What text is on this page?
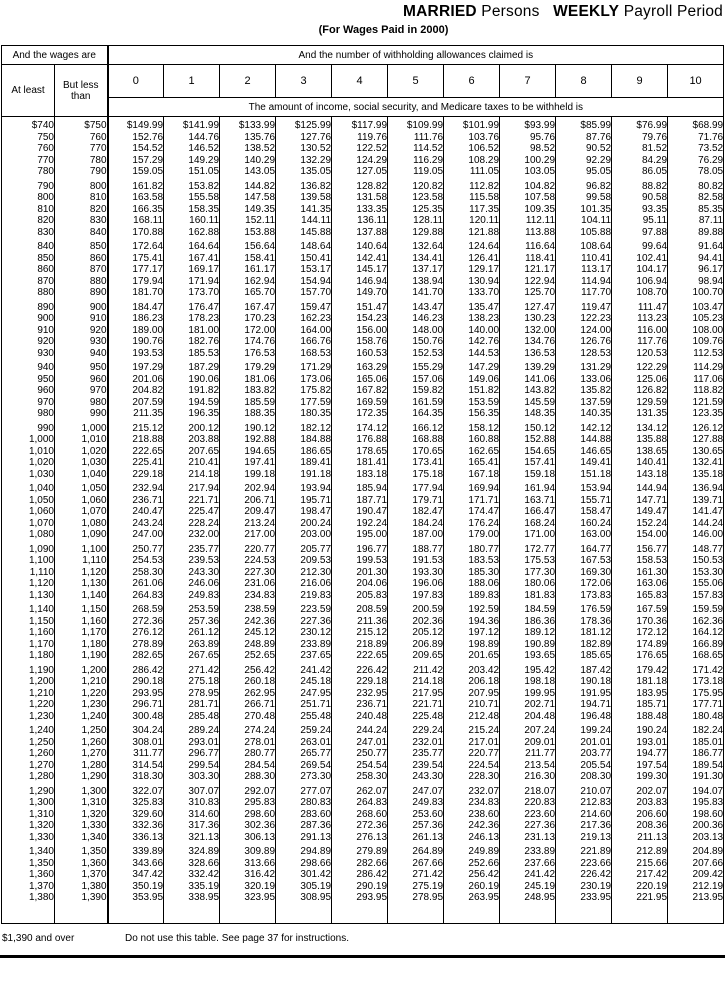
MARRIED Persons WEEKLY Payroll Period
(For Wages Paid in 2000)
And the wages are		And the number of withholding allowances claimed is										
At least	But less than	0	1	2	3	4	5	6	7	8	9	10
		The amount of income, social security, and Medicare taxes to be withheld is										
$740	$750	$149.99	$141.99	$133.99	$125.99	$117.99	$109.99	$101.99	$93.99	$85.99	$76.99	$68.99
750	760	152.76	144.76	135.76	127.76	119.76	111.76	103.76	95.76	87.76	79.76	71.76
760	770	154.52	146.52	138.52	130.52	122.52	114.52	106.52	98.52	90.52	81.52	73.52
770	780	157.29	149.29	140.29	132.29	124.29	116.29	108.29	100.29	92.29	84.29	76.29
780	790	159.05	151.05	143.05	135.05	127.05	119.05	111.05	103.05	95.05	86.05	78.05
790	800	161.82	153.82	144.82	136.82	128.82	120.82	112.82	104.82	96.82	88.82	80.82
800	810	163.58	155.58	147.58	139.58	131.58	123.58	115.58	107.58	99.58	90.58	82.58
810	820	166.35	158.35	149.35	141.35	133.35	125.35	117.35	109.35	101.35	93.35	85.35
820	830	168.11	160.11	152.11	144.11	136.11	128.11	120.11	112.11	104.11	95.11	87.11
830	840	170.88	162.88	153.88	145.88	137.88	129.88	121.88	113.88	105.88	97.88	89.88
840	850	172.64	164.64	156.64	148.64	140.64	132.64	124.64	116.64	108.64	99.64	91.64
850	860	175.41	167.41	158.41	150.41	142.41	134.41	126.41	118.41	110.41	102.41	94.41
860	870	177.17	169.17	161.17	153.17	145.17	137.17	129.17	121.17	113.17	104.17	96.17
870	880	179.94	171.94	162.94	154.94	146.94	138.94	130.94	122.94	114.94	106.94	98.94
880	890	181.70	173.70	165.70	157.70	149.70	141.70	133.70	125.70	117.70	108.70	100.70
890	900	184.47	176.47	167.47	159.47	151.47	143.47	135.47	127.47	119.47	111.47	103.47
900	910	186.23	178.23	170.23	162.23	154.23	146.23	138.23	130.23	122.23	113.23	105.23
910	920	189.00	181.00	172.00	164.00	156.00	148.00	140.00	132.00	124.00	116.00	108.00
920	930	190.76	182.76	174.76	166.76	158.76	150.76	142.76	134.76	126.76	117.76	109.76
930	940	193.53	185.53	176.53	168.53	160.53	152.53	144.53	136.53	128.53	120.53	112.53
940	950	197.29	187.29	179.29	171.29	163.29	155.29	147.29	139.29	131.29	122.29	114.29
950	960	201.06	190.06	181.06	173.06	165.06	157.06	149.06	141.06	133.06	125.06	117.06
960	970	204.82	191.82	183.82	175.82	167.82	159.82	151.82	143.82	135.82	126.82	118.82
970	980	207.59	194.59	185.59	177.59	169.59	161.59	153.59	145.59	137.59	129.59	121.59
980	990	211.35	196.35	188.35	180.35	172.35	164.35	156.35	148.35	140.35	131.35	123.35
990	1,000	215.12	200.12	190.12	182.12	174.12	166.12	158.12	150.12	142.12	134.12	126.12
1,000	1,010	218.88	203.88	192.88	184.88	176.88	168.88	160.88	152.88	144.88	135.88	127.88
1,010	1,020	222.65	207.65	194.65	186.65	178.65	170.65	162.65	154.65	146.65	138.65	130.65
1,020	1,030	225.41	210.41	197.41	189.41	181.41	173.41	165.41	157.41	149.41	140.41	132.41
1,030	1,040	229.18	214.18	199.18	191.18	183.18	175.18	167.18	159.18	151.18	143.18	135.18
1,040	1,050	232.94	217.94	202.94	193.94	185.94	177.94	169.94	161.94	153.94	144.94	136.94
1,050	1,060	236.71	221.71	206.71	195.71	187.71	179.71	171.71	163.71	155.71	147.71	139.71
1,060	1,070	240.47	225.47	209.47	198.47	190.47	182.47	174.47	166.47	158.47	149.47	141.47
1,070	1,080	243.24	228.24	213.24	200.24	192.24	184.24	176.24	168.24	160.24	152.24	144.24
1,080	1,090	247.00	232.00	217.00	203.00	195.00	187.00	179.00	171.00	163.00	154.00	146.00
1,090	1,100	250.77	235.77	220.77	205.77	196.77	188.77	180.77	172.77	164.77	156.77	148.77
1,100	1,110	254.53	239.53	224.53	209.53	199.53	191.53	183.53	175.53	167.53	158.53	150.53
1,110	1,120	258.30	243.30	227.30	212.30	201.30	193.30	185.30	177.30	169.30	161.30	153.30
1,120	1,130	261.06	246.06	231.06	216.06	204.06	196.06	188.06	180.06	172.06	163.06	155.06
1,130	1,140	264.83	249.83	234.83	219.83	205.83	197.83	189.83	181.83	173.83	165.83	157.83
1,140	1,150	268.59	253.59	238.59	223.59	208.59	200.59	192.59	184.59	176.59	167.59	159.59
1,150	1,160	272.36	257.36	242.36	227.36	211.36	202.36	194.36	186.36	178.36	170.36	162.36
1,160	1,170	276.12	261.12	245.12	230.12	215.12	205.12	197.12	189.12	181.12	172.12	164.12
1,170	1,180	278.89	263.89	248.89	233.89	218.89	206.89	198.89	190.89	182.89	174.89	166.89
1,180	1,190	282.65	267.65	252.65	237.65	222.65	209.65	201.65	193.65	185.65	176.65	168.65
1,190	1,200	286.42	271.42	256.42	241.42	226.42	211.42	203.42	195.42	187.42	179.42	171.42
1,200	1,210	290.18	275.18	260.18	245.18	229.18	214.18	206.18	198.18	190.18	181.18	173.18
1,210	1,220	293.95	278.95	262.95	247.95	232.95	217.95	207.95	199.95	191.95	183.95	175.95
1,220	1,230	296.71	281.71	266.71	251.71	236.71	221.71	210.71	202.71	194.71	185.71	177.71
1,230	1,240	300.48	285.48	270.48	255.48	240.48	225.48	212.48	204.48	196.48	188.48	180.48
1,240	1,250	304.24	289.24	274.24	259.24	244.24	229.24	215.24	207.24	199.24	190.24	182.24
1,250	1,260	308.01	293.01	278.01	263.01	247.01	232.01	217.01	209.01	201.01	193.01	185.01
1,260	1,270	311.77	296.77	280.77	265.77	250.77	235.77	220.77	211.77	203.77	194.77	186.77
1,270	1,280	314.54	299.54	284.54	269.54	254.54	239.54	224.54	213.54	205.54	197.54	189.54
1,280	1,290	318.30	303.30	288.30	273.30	258.30	243.30	228.30	216.30	208.30	199.30	191.30
1,290	1,300	322.07	307.07	292.07	277.07	262.07	247.07	232.07	218.07	210.07	202.07	194.07
1,300	1,310	325.83	310.83	295.83	280.83	264.83	249.83	234.83	220.83	212.83	203.83	195.83
1,310	1,320	329.60	314.60	298.60	283.60	268.60	253.60	238.60	223.60	214.60	206.60	198.60
1,320	1,330	332.36	317.36	302.36	287.36	272.36	257.36	242.36	227.36	217.36	208.36	200.36
1,330	1,340	336.13	321.13	306.13	291.13	276.13	261.13	246.13	231.13	219.13	211.13	203.13
1,340	1,350	339.89	324.89	309.89	294.89	279.89	264.89	249.89	233.89	221.89	212.89	204.89
1,350	1,360	343.66	328.66	313.66	298.66	282.66	267.66	252.66	237.66	223.66	215.66	207.66
1,360	1,370	347.42	332.42	316.42	301.42	286.42	271.42	256.42	241.42	226.42	217.42	209.42
1,370	1,380	350.19	335.19	320.19	305.19	290.19	275.19	260.19	245.19	230.19	220.19	212.19
1,380	1,390	353.95	338.95	323.95	308.95	293.95	278.95	263.95	248.95	233.95	221.95	213.95

$1,390 and over	Do not use this table. See page 37 for instructions.
